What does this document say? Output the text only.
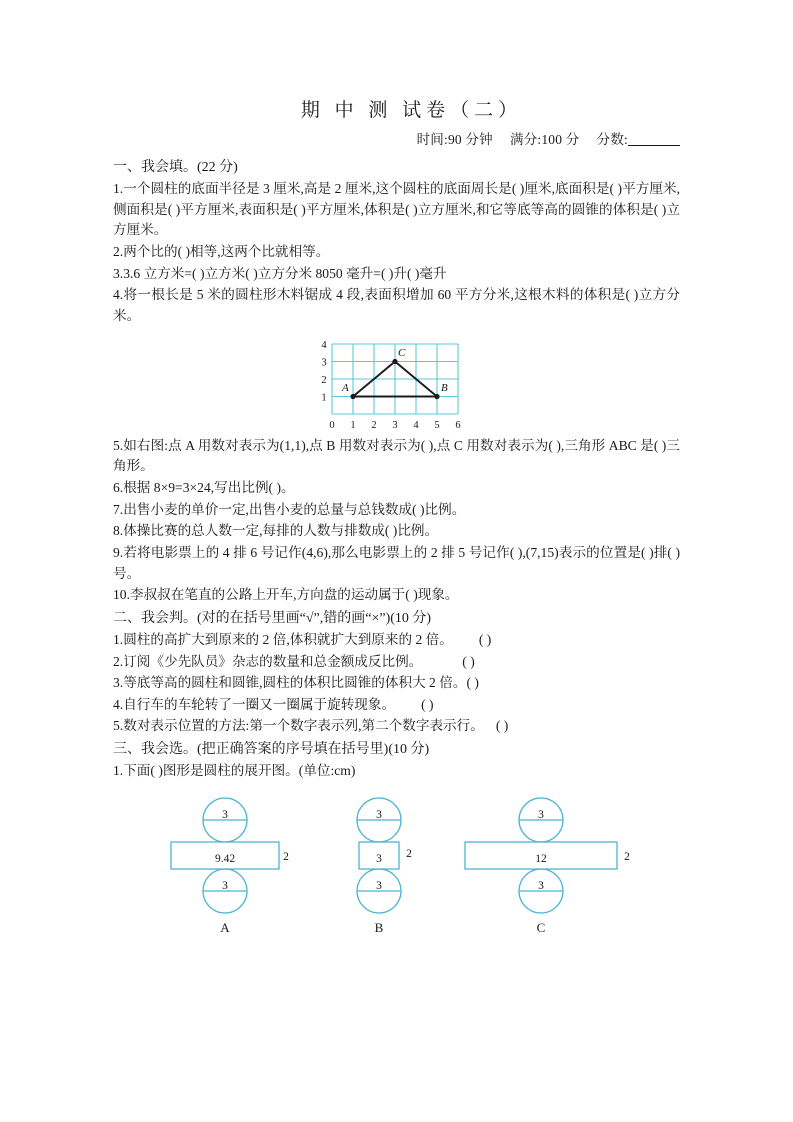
期 中 测 试卷（二）
时间:90 分钟 满分:100 分 分数:
一、我会填。(22 分)
1.一个圆柱的底面半径是 3 厘米,高是 2 厘米,这个圆柱的底面周长是( )厘米,底面积是( )平方厘米,侧面积是( )平方厘米,表面积是( )平方厘米,体积是( )立方厘米,和它等底等高的圆锥的体积是( )立方厘米。
2.两个比的( )相等,这两个比就相等。
3.3.6 立方米=( )立方米( )立方分米 8050 毫升=( )升( )毫升
4.将一根长是 5 米的圆柱形木料锯成 4 段,表面积增加 60 平方分米,这根木料的体积是( )立方分米。
A	B
C
4
3
2
1
0 1 2 3 4 5 6
5.如右图:点 A 用数对表示为(1,1),点 B 用数对表示为( ),点 C 用数对表示为( ),三角形 ABC 是( )三角形。
6.根据 8×9=3×24,写出比例( )。
7.出售小麦的单价一定,出售小麦的总量与总钱数成( )比例。
8.体操比赛的总人数一定,每排的人数与排数成( )比例。
9.若将电影票上的 4 排 6 号记作(4,6),那么电影票上的 2 排 5 号记作( ),(7,15)表示的位置是( )排( )号。
10.李叔叔在笔直的公路上开车,方向盘的运动属于( )现象。
二、我会判。(对的在括号里画“√”,错的画“×”)(10 分)
1.圆柱的高扩大到原来的 2 倍,体积就扩大到原来的 2 倍。 ( )
2.订阅《少先队员》杂志的数量和总金额成反比例。	( )
3.等底等高的圆柱和圆锥,圆柱的体积比圆锥的体积大 2 倍。( )
4.自行车的车轮转了一圈又一圈属于旋转现象。 ( )
5.数对表示位置的方法:第一个数字表示列,第二个数字表示行。 ( )
三、我会选。(把正确答案的序号填在括号里)(10 分)
1.下面( )图形是圆柱的展开图。(单位:cm)
3
9.42
3
2
A
3
3
3
2
B
3
12
3
2
C
